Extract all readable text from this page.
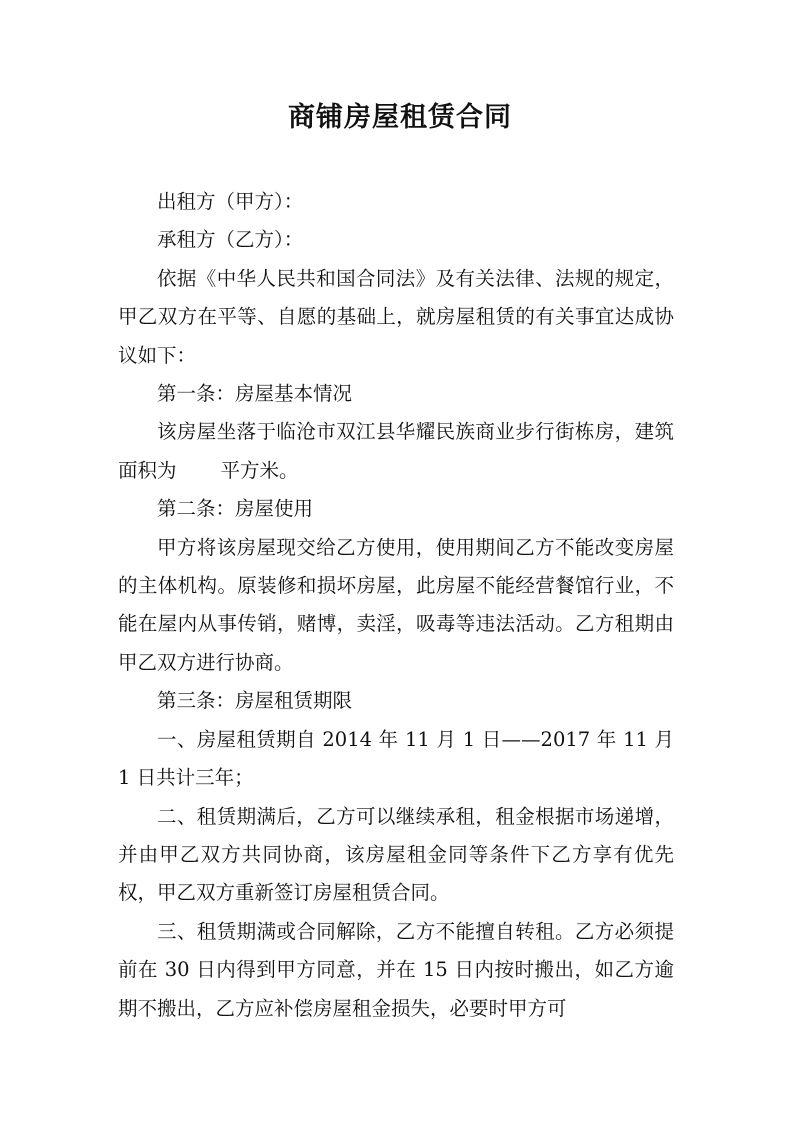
商铺房屋租赁合同

出租方（甲方）：

承租方（乙方）：

依据《中华人民共和国合同法》及有关法律、法规的规定，甲乙双方在平等、自愿的基础上，就房屋租赁的有关事宜达成协议如下：

第一条：房屋基本情况

该房屋坐落于临沧市双江县华耀民族商业步行街栋房，建筑面积为 平方米。

第二条：房屋使用

甲方将该房屋现交给乙方使用，使用期间乙方不能改变房屋的主体机构。原装修和损坏房屋，此房屋不能经营餐馆行业，不能在屋内从事传销，赌博，卖淫，吸毒等违法活动。乙方租期由甲乙双方进行协商。

第三条：房屋租赁期限

一、房屋租赁期自 2014 年 11 月 1 日——2017 年 11 月 1 日共计三年；

二、租赁期满后，乙方可以继续承租，租金根据市场递增，并由甲乙双方共同协商，该房屋租金同等条件下乙方享有优先权，甲乙双方重新签订房屋租赁合同。

三、租赁期满或合同解除，乙方不能擅自转租。乙方必须提前在 30 日内得到甲方同意，并在 15 日内按时搬出，如乙方逾期不搬出，乙方应补偿房屋租金损失，必要时甲方可
